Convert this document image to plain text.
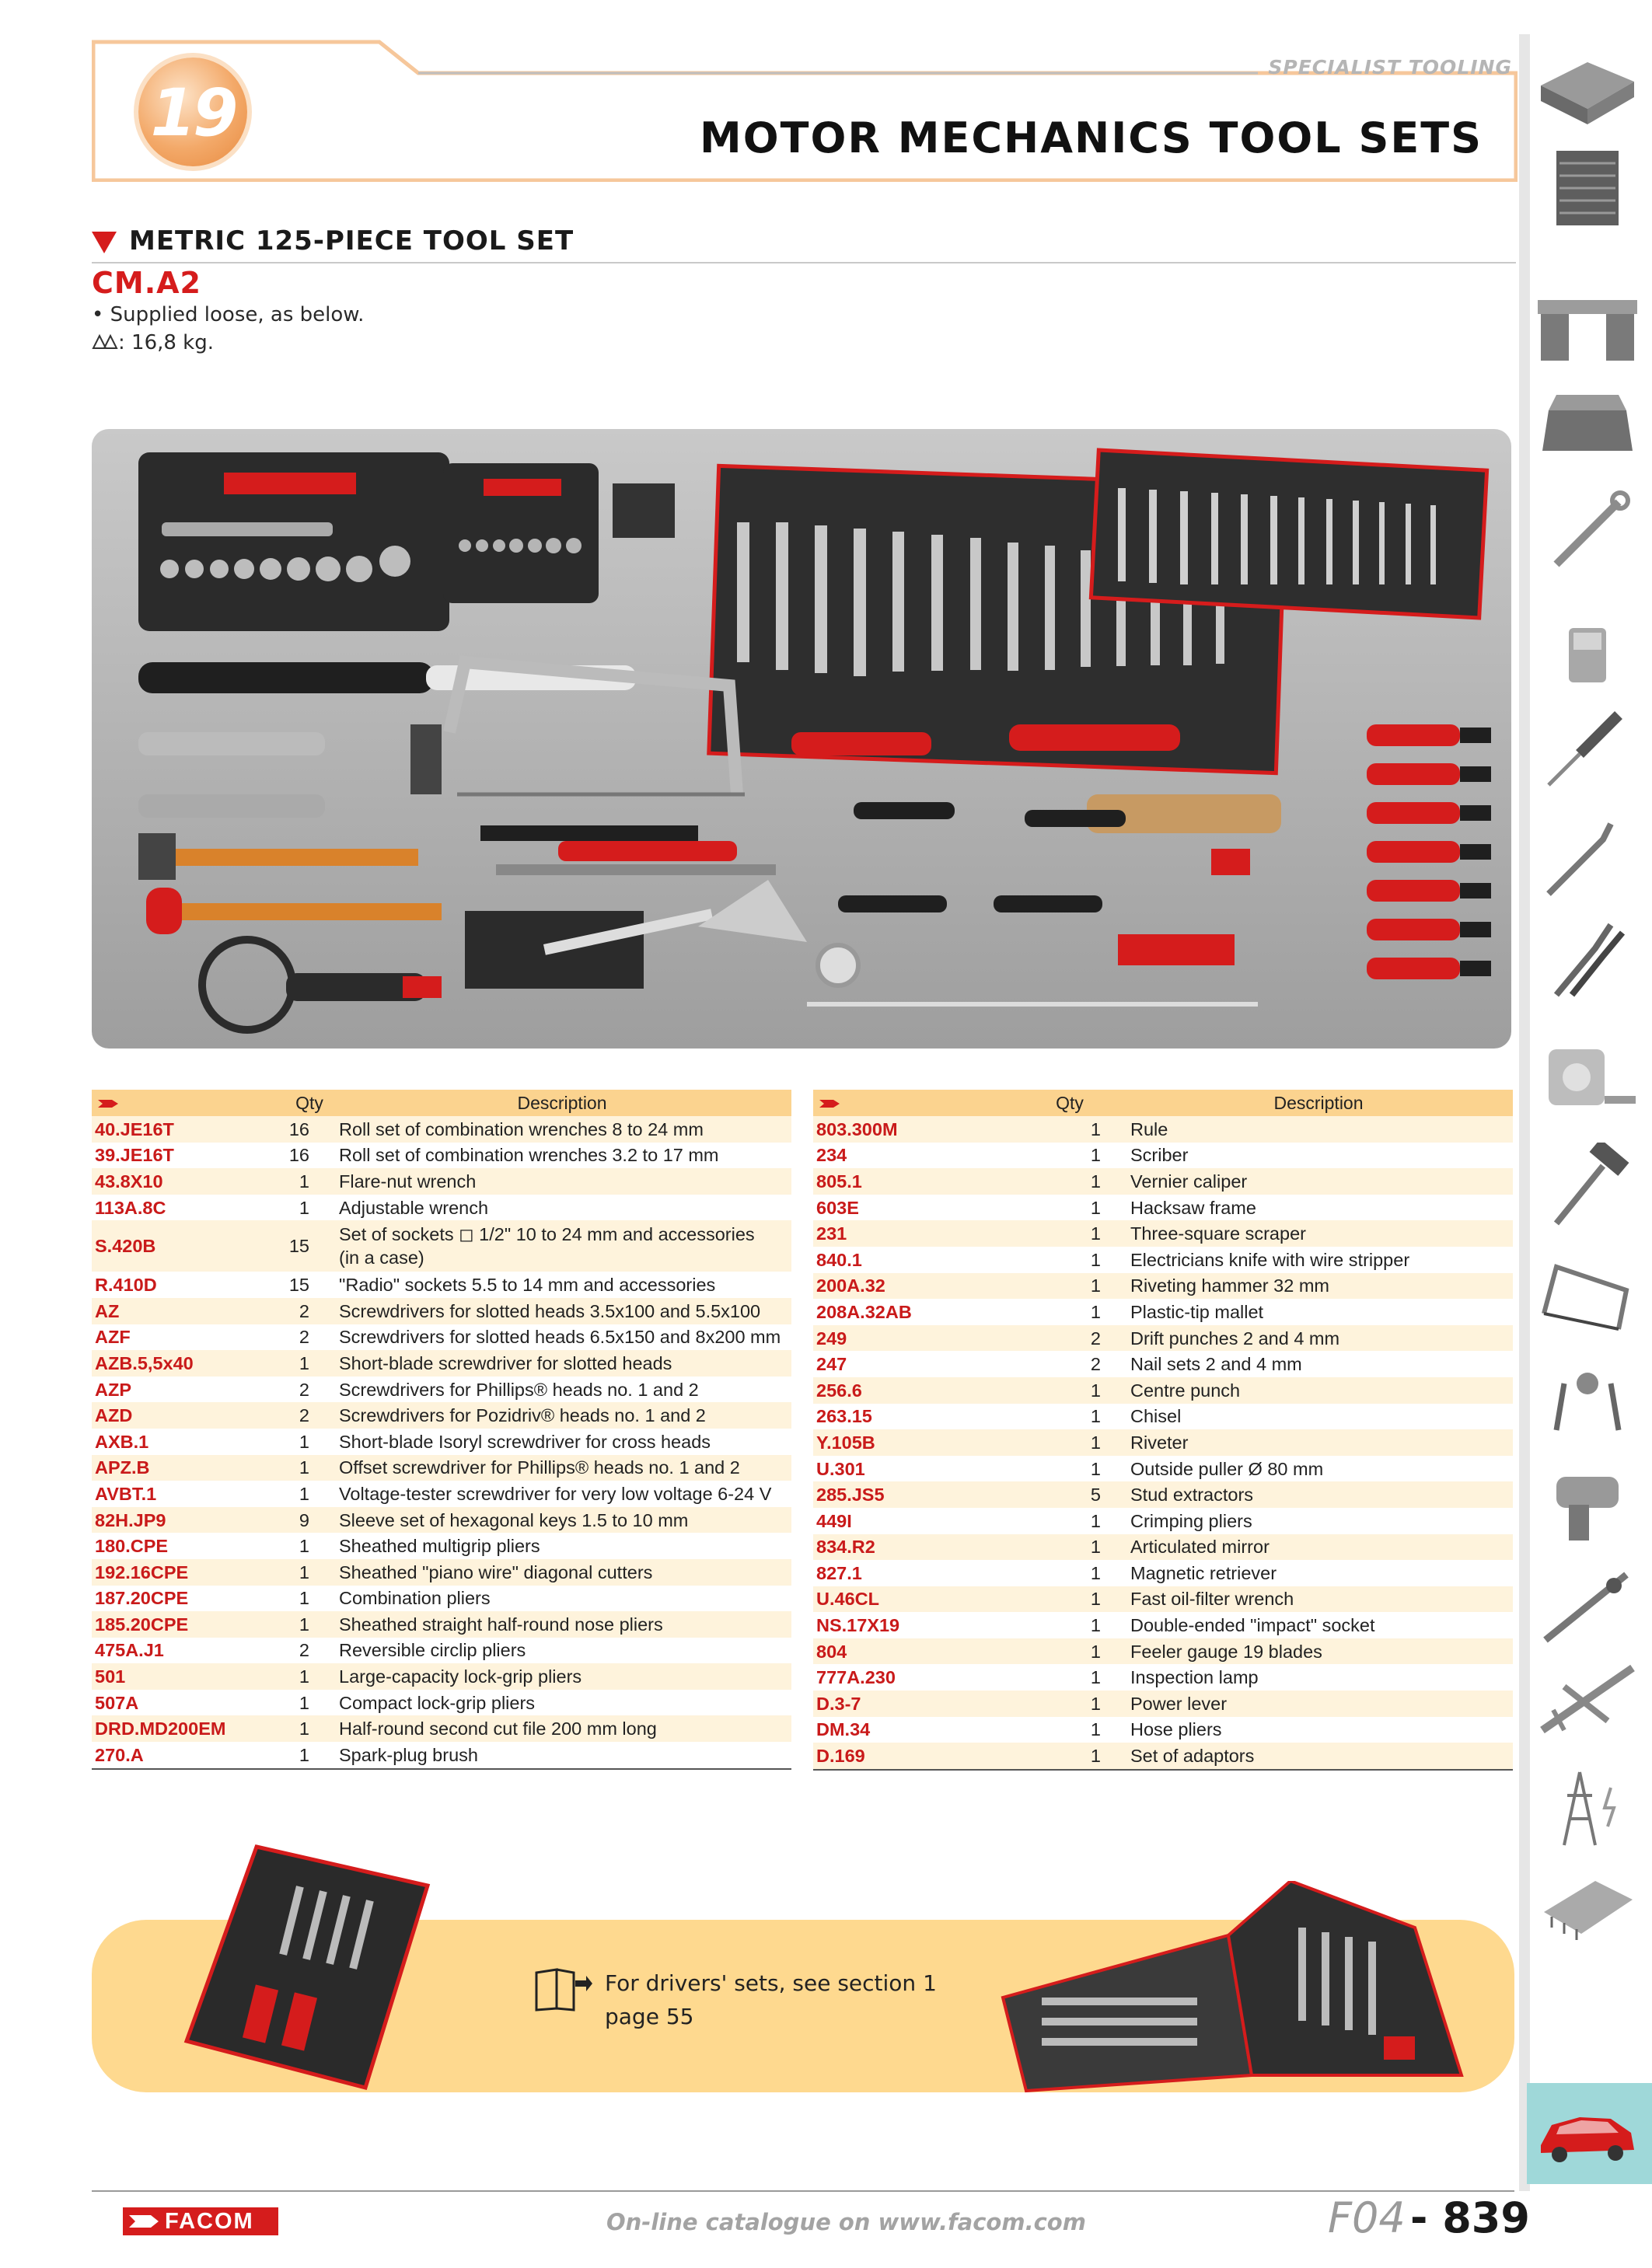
19
SPECIALIST TOOLING
MOTOR MECHANICS TOOL SETS
METRIC 125-PIECE TOOL SET
CM.A2
• Supplied loose, as below.
: 16,8 kg.
	Qty	Description
40.JE16T	16	Roll set of combination wrenches 8 to 24 mm
39.JE16T	16	Roll set of combination wrenches 3.2 to 17 mm
43.8X10	1	Flare-nut wrench
113A.8C	1	Adjustable wrench
S.420B	15	Set of sockets ◻ 1/2" 10 to 24 mm and accessories
(in a case)
R.410D	15	"Radio" sockets 5.5 to 14 mm and accessories
AZ	2	Screwdrivers for slotted heads 3.5x100 and 5.5x100
AZF	2	Screwdrivers for slotted heads 6.5x150 and 8x200 mm
AZB.5,5x40	1	Short-blade screwdriver for slotted heads
AZP	2	Screwdrivers for Phillips® heads no. 1 and 2
AZD	2	Screwdrivers for Pozidriv® heads no. 1 and 2
AXB.1	1	Short-blade Isoryl screwdriver for cross heads
APZ.B	1	Offset screwdriver for Phillips® heads no. 1 and 2
AVBT.1	1	Voltage-tester screwdriver for very low voltage 6-24 V
82H.JP9	9	Sleeve set of hexagonal keys 1.5 to 10 mm
180.CPE	1	Sheathed multigrip pliers
192.16CPE	1	Sheathed "piano wire" diagonal cutters
187.20CPE	1	Combination pliers
185.20CPE	1	Sheathed straight half-round nose pliers
475A.J1	2	Reversible circlip pliers
501	1	Large-capacity lock-grip pliers
507A	1	Compact lock-grip pliers
DRD.MD200EM	1	Half-round second cut file 200 mm long
270.A	1	Spark-plug brush
	Qty	Description
803.300M	1	Rule
234	1	Scriber
805.1	1	Vernier caliper
603E	1	Hacksaw frame
231	1	Three-square scraper
840.1	1	Electricians knife with wire stripper
200A.32	1	Riveting hammer 32 mm
208A.32AB	1	Plastic-tip mallet
249	2	Drift punches 2 and 4 mm
247	2	Nail sets 2 and 4 mm
256.6	1	Centre punch
263.15	1	Chisel
Y.105B	1	Riveter
U.301	1	Outside puller Ø 80 mm
285.JS5	5	Stud extractors
449I	1	Crimping pliers
834.R2	1	Articulated mirror
827.1	1	Magnetic retriever
U.46CL	1	Fast oil-filter wrench
NS.17X19	1	Double-ended "impact" socket
804	1	Feeler gauge 19 blades
777A.230	1	Inspection lamp
D.3-7	1	Power lever
DM.34	1	Hose pliers
D.169	1	Set of adaptors
For drivers' sets, see section 1
page 55
FACOM	On-line catalogue on www.facom.com	F04 - 839
